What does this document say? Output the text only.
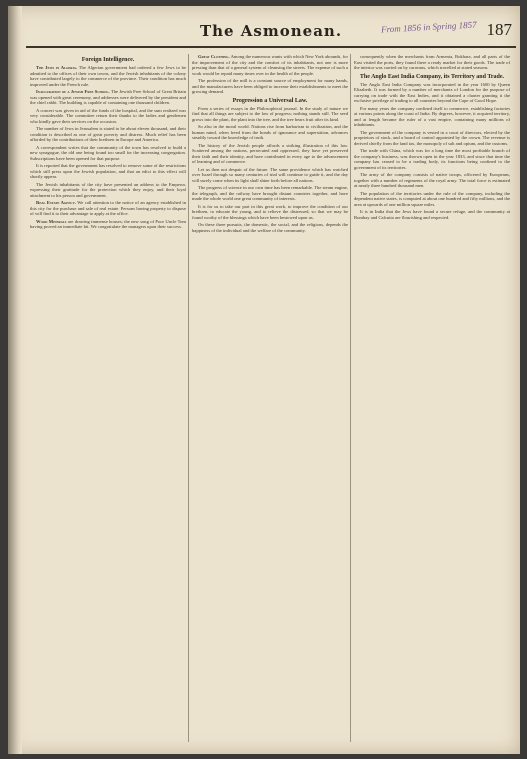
The Asmonean.	From 1856 in Spring 1857 187
Foreign Intelligence.

The Jews in Algeria. The Algerian government had ordered a few Jews to be admitted to the offices of their own towns, and the Jewish inhabitants of the colony have contributed largely to the commerce of the province. Their condition has much improved under the French rule.

Inauguration of a Jewish Free School. The Jewish Free School of Great Britain was opened with great ceremony, and addresses were delivered by the president and the chief rabbi. The building is capable of containing one thousand children.

A concert was given in aid of the funds of the hospital, and the sum realized was very considerable. The committee return their thanks to the ladies and gentlemen who kindly gave their services on the occasion.

The number of Jews in Jerusalem is stated to be about eleven thousand, and their condition is described as one of great poverty and distress. Much relief has been afforded by the contributions of their brethren in Europe and America.

A correspondent writes that the community of the town has resolved to build a new synagogue, the old one being found too small for the increasing congregation. Subscriptions have been opened for that purpose.

It is reported that the government has resolved to remove some of the restrictions which still press upon the Jewish population, and that an edict to this effect will shortly appear.

The Jewish inhabitants of the city have presented an address to the Emperor, expressing their gratitude for the protection which they enjoy, and their loyal attachment to his person and government.

Real Estate Agency. We call attention to the notice of an agency established in this city for the purchase and sale of real estate. Persons having property to dispose of will find it to their advantage to apply at the office.

Wood Minerals are drawing immense houses; the new song of Poor Uncle Tom having proved an immediate hit. We congratulate the managers upon their success.

Great Clothing. Among the numerous wants with which New York abounds, for the improvement of the city and the comfort of its inhabitants, not one is more pressing than that of a general system of cleansing the streets. The expense of such a work would be repaid many times over in the health of the people.

The profession of the mill is a constant source of employment for many hands, and the manufacturers have been obliged to increase their establishments to meet the growing demand.

Progression a Universal Law.

From a series of essays in the Philosophical journal. In the study of nature we find that all things are subject to the law of progress; nothing stands still. The seed grows into the plant, the plant into the tree, and the tree bears fruit after its kind.

So also in the moral world. Nations rise from barbarism to civilization, and the human mind, when freed from the bonds of ignorance and superstition, advances steadily toward the knowledge of truth.

The history of the Jewish people affords a striking illustration of this law. Scattered among the nations, persecuted and oppressed, they have yet preserved their faith and their identity, and have contributed in every age to the advancement of learning and of commerce.

Let us then not despair of the future. The same providence which has watched over Israel through so many centuries of trial will continue to guide it, and the day will surely come when its light shall shine forth before all nations.

The progress of science in our own time has been remarkable. The steam engine, the telegraph, and the railway have brought distant countries together, and have made the whole world one great community of interests.

It is for us to take our part in this great work, to improve the condition of our brethren, to educate the young, and to relieve the distressed, so that we may be found worthy of the blessings which have been bestowed upon us.

On these three pursuits, the domestic, the social, and the religious, depends the happiness of the individual and the welfare of the community.

consequently when the merchants from Armenia, Bokhara, and all parts of the East visited the ports, they found there a ready market for their goods. The trade of the interior was carried on by caravans, which travelled at stated seasons.

The Anglo East India Company, its Territory and Trade.

The Anglo East India Company was incorporated in the year 1600 by Queen Elizabeth. It was formed by a number of merchants of London for the purpose of carrying on trade with the East Indies, and it obtained a charter granting it the exclusive privilege of trading to all countries beyond the Cape of Good Hope.

For many years the company confined itself to commerce, establishing factories at various points along the coast of India. By degrees, however, it acquired territory, and at length became the ruler of a vast empire, containing many millions of inhabitants.

The government of the company is vested in a court of directors, elected by the proprietors of stock, and a board of control appointed by the crown. The revenue is derived chiefly from the land tax, the monopoly of salt and opium, and the customs.

The trade with China, which was for a long time the most profitable branch of the company's business, was thrown open in the year 1833, and since that time the company has ceased to be a trading body, its functions being confined to the government of its territories.

The army of the company consists of native troops, officered by Europeans, together with a number of regiments of the royal army. The total force is estimated at nearly three hundred thousand men.

The population of the territories under the rule of the company, including the dependent native states, is computed at about one hundred and fifty millions, and the area at upwards of one million square miles.

It is in India that the Jews have found a secure refuge, and the community at Bombay and Calcutta are flourishing and respected.
